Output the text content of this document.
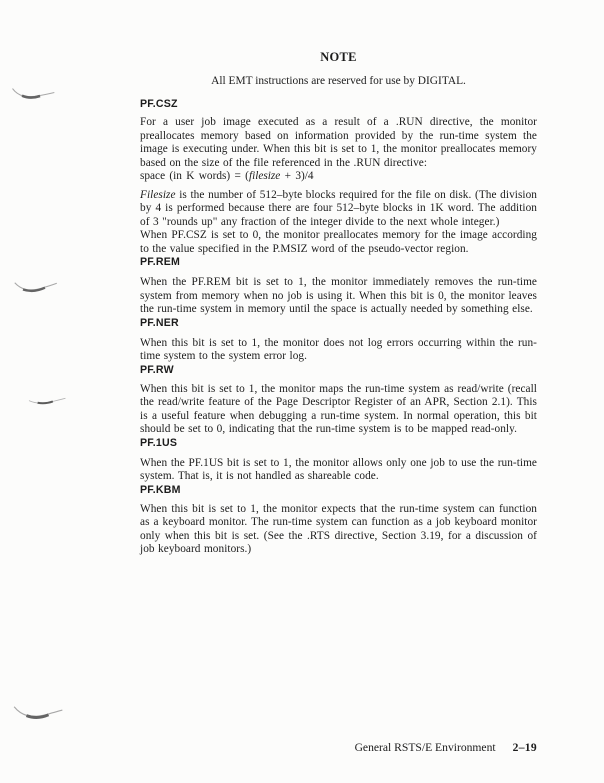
NOTE
All EMT instructions are reserved for use by DIGITAL.
PF.CSZ

For a user job image executed as a result of a .RUN directive, the monitor preallocates memory based on information provided by the run-time system the image is executing under. When this bit is set to 1, the monitor preallocates memory based on the size of the file referenced in the .RUN directive:

space (in K words) = (filesize + 3)/4

Filesize is the number of 512–byte blocks required for the file on disk. (The division by 4 is performed because there are four 512–byte blocks in 1K word. The addition of 3 "rounds up" any fraction of the integer divide to the next whole integer.)

When PF.CSZ is set to 0, the monitor preallocates memory for the image according to the value specified in the P.MSIZ word of the pseudo-vector region.

PF.REM

When the PF.REM bit is set to 1, the monitor immediately removes the run-time system from memory when no job is using it. When this bit is 0, the monitor leaves the run-time system in memory until the space is actually needed by something else.

PF.NER

When this bit is set to 1, the monitor does not log errors occurring within the run-time system to the system error log.

PF.RW

When this bit is set to 1, the monitor maps the run-time system as read/write (recall the read/write feature of the Page Descriptor Register of an APR, Section 2.1). This is a useful feature when debugging a run-time system. In normal operation, this bit should be set to 0, indicating that the run-time system is to be mapped read-only.

PF.1US

When the PF.1US bit is set to 1, the monitor allows only one job to use the run-time system. That is, it is not handled as shareable code.

PF.KBM

When this bit is set to 1, the monitor expects that the run-time system can function as a keyboard monitor. The run-time system can function as a job keyboard monitor only when this bit is set. (See the .RTS directive, Section 3.19, for a discussion of job keyboard monitors.)

General RSTS/E Environment 2–19
